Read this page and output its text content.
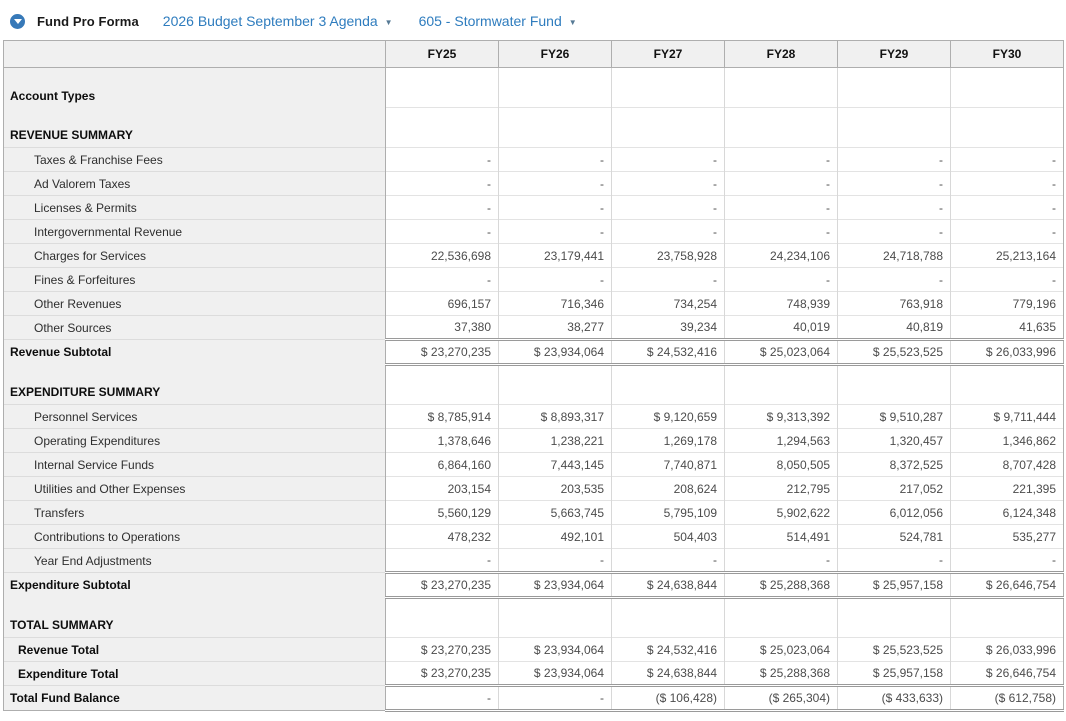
Fund Pro Forma 2026 Budget September 3 Agenda ▼ 605 - Stormwater Fund ▼
	FY25	FY26	FY27	FY28	FY29	FY30
Account Types						
REVENUE SUMMARY						
Taxes & Franchise Fees	-	-	-	-	-	-
Ad Valorem Taxes	-	-	-	-	-	-
Licenses & Permits	-	-	-	-	-	-
Intergovernmental Revenue	-	-	-	-	-	-
Charges for Services	22,536,698	23,179,441	23,758,928	24,234,106	24,718,788	25,213,164
Fines & Forfeitures	-	-	-	-	-	-
Other Revenues	696,157	716,346	734,254	748,939	763,918	779,196
Other Sources	37,380	38,277	39,234	40,019	40,819	41,635
Revenue Subtotal	$ 23,270,235	$ 23,934,064	$ 24,532,416	$ 25,023,064	$ 25,523,525	$ 26,033,996
EXPENDITURE SUMMARY						
Personnel Services	$ 8,785,914	$ 8,893,317	$ 9,120,659	$ 9,313,392	$ 9,510,287	$ 9,711,444
Operating Expenditures	1,378,646	1,238,221	1,269,178	1,294,563	1,320,457	1,346,862
Internal Service Funds	6,864,160	7,443,145	7,740,871	8,050,505	8,372,525	8,707,428
Utilities and Other Expenses	203,154	203,535	208,624	212,795	217,052	221,395
Transfers	5,560,129	5,663,745	5,795,109	5,902,622	6,012,056	6,124,348
Contributions to Operations	478,232	492,101	504,403	514,491	524,781	535,277
Year End Adjustments	-	-	-	-	-	-
Expenditure Subtotal	$ 23,270,235	$ 23,934,064	$ 24,638,844	$ 25,288,368	$ 25,957,158	$ 26,646,754
TOTAL SUMMARY						
Revenue Total	$ 23,270,235	$ 23,934,064	$ 24,532,416	$ 25,023,064	$ 25,523,525	$ 26,033,996
Expenditure Total	$ 23,270,235	$ 23,934,064	$ 24,638,844	$ 25,288,368	$ 25,957,158	$ 26,646,754
Total Fund Balance	-	-	($ 106,428)	($ 265,304)	($ 433,633)	($ 612,758)
